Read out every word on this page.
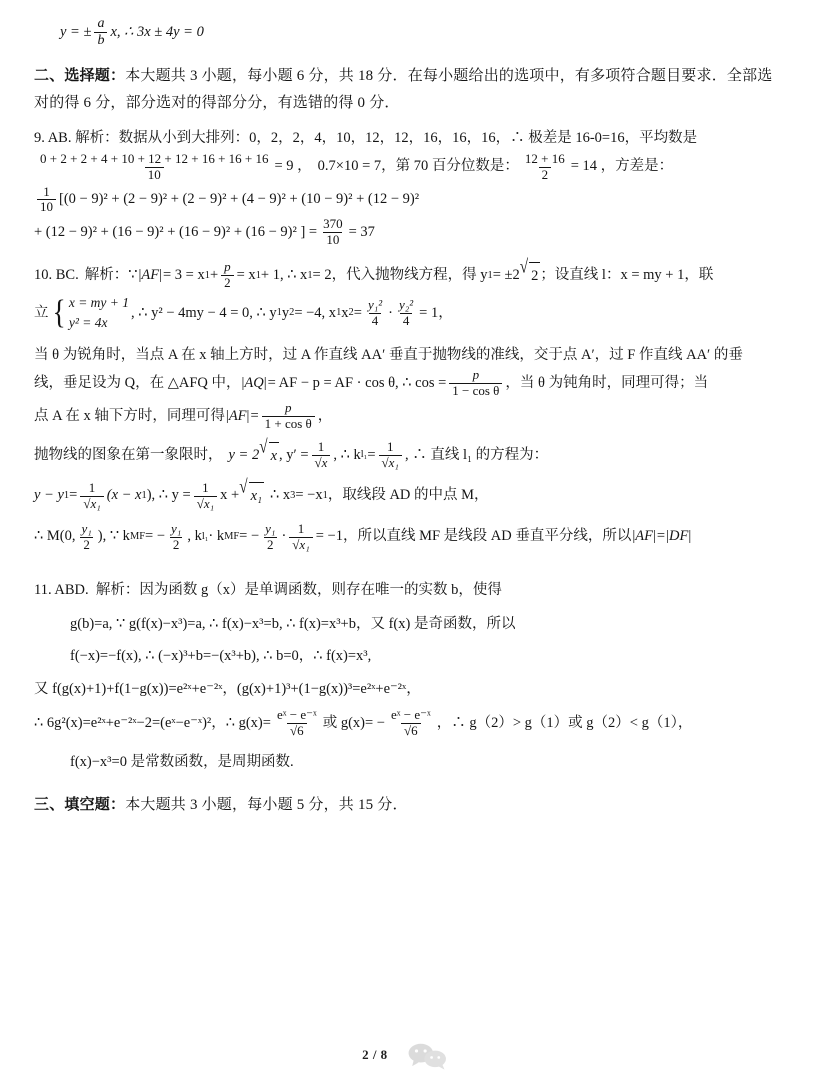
y = ± $\frac{a}{b} x$, ∴ 3x ± 4y = 0
二、选择题：本大题共 3 小题，每小题 6 分，共 18 分．在每小题给出的选项中，有多项符合题目要求．全部选对的得 6 分，部分选对的得部分分，有选错的得 0 分．
9. AB. 解析：数据从小到大排列：0，2，2，4，10，12，12，16，16，16，∴ 极差是 16-0=16，平均数是
$\frac{0 + 2 + 2 + 4 + 10 + 12 + 12 + 16 + 16 + 16}{10} = 9$ ， 0.7×10 = 7，第 70 百分位数是： $\frac{12 + 16}{2} = 14$ ，方差是：
$\frac{1}{10} [(0 - 9)^2 + (2 - 9)^2 + (2 - 9)^2 + (4 - 9)^2 + (10 - 9)^2 + (12 - 9)^2$
+ (12 − 9)² + (16 − 9)² + (16 − 9)² + (16 − 9)² ] = $\frac{370}{10} = 37$
10. BC. 解析： ∵ |AF| = 3 = x $1 + \frac{p}{2} = x$ 1 + 1, ∴ x 1 = 2，代入抛物线方程，得 y 1 = ±2 √ 2 ；设直线 l：x = my + 1，联
立 { x = my + 1
y² = 4x
, ∴ y² − 4my − 4 = 0, ∴ y 1 y 2 = −4, x 1 x $2 = \frac{\text{y₁²}}{4} \cdot \frac{\text{y₂²}}{4} = 1$，
当 θ 为锐角时，当点 A 在 x 轴上方时，过 A 作直线 AA′ 垂直于抛物线的准线，交于点 A′，过 F 作直线 AA′ 的垂
线，垂足设为 Q，在 △AFQ 中， |AQ| = AF − p = AF · cos θ, ∴ $\cos = \frac{p}{\text{1 − cos θ}}$ ，当 θ 为钝角时，同理可得；当
点 A 在 x 轴下方时，同理可得 $|AF| = \frac{p}{\text{1 + cos θ}}$ ，
抛物线的图象在第一象限时， y = 2 √ x , $y' = \frac{1}{√x}$ , ∴ k $l_1 = \frac{1}{\text{√x₁}}$ , ∴ 直线 l₁ 的方程为：
y − y $1 = \frac{1}{\text{√x₁}} (x - x$ 1 ), ∴ $y = \frac{1}{\text{√x₁}}$ x + √ x₁ ∴ x 3 = −x 1 ，取线段 AD 的中点 M，
∴ M(0, $\frac{\text{y₁}}{2}$ ), ∵ k MF = − $\frac{\text{y₁}}{2}$ , k l₁ · k MF = − $\frac{\text{y₁}}{2} \cdot \frac{1}{\text{√x₁}} = -1$，所以直线 MF 是线段 AD 垂直平分线，所以 |AF| = |DF|
11. ABD. 解析：因为函数 g（x）是单调函数，则存在唯一的实数 b，使得
g(b)=a, ∵ g(f(x)−x³)=a, ∴ f(x)−x³=b, ∴ f(x)=x³+b，又 f(x) 是奇函数，所以
f(−x)=−f(x), ∴ (−x)³+b=−(x³+b), ∴ b=0，∴ f(x)=x³,
又 f(g(x)+1)+f(1−g(x))=e²ˣ+e⁻²ˣ，(g(x)+1)³+(1−g(x))³=e²ˣ+e⁻²ˣ，
∴ 6g²(x)=e²ˣ+e⁻²ˣ−2=(eˣ−e⁻ˣ)²，∴ $g(x)= \frac{\text{eˣ − e⁻ˣ}}{√6}$ 或 $g(x)= - \frac{\text{eˣ − e⁻ˣ}}{√6}$ ，∴ g（2）> g（1）或 g（2）< g（1），
f(x)−x³=0 是常数函数，是周期函数.
三、填空题：本大题共 3 小题，每小题 5 分，共 15 分．
2 / 8
